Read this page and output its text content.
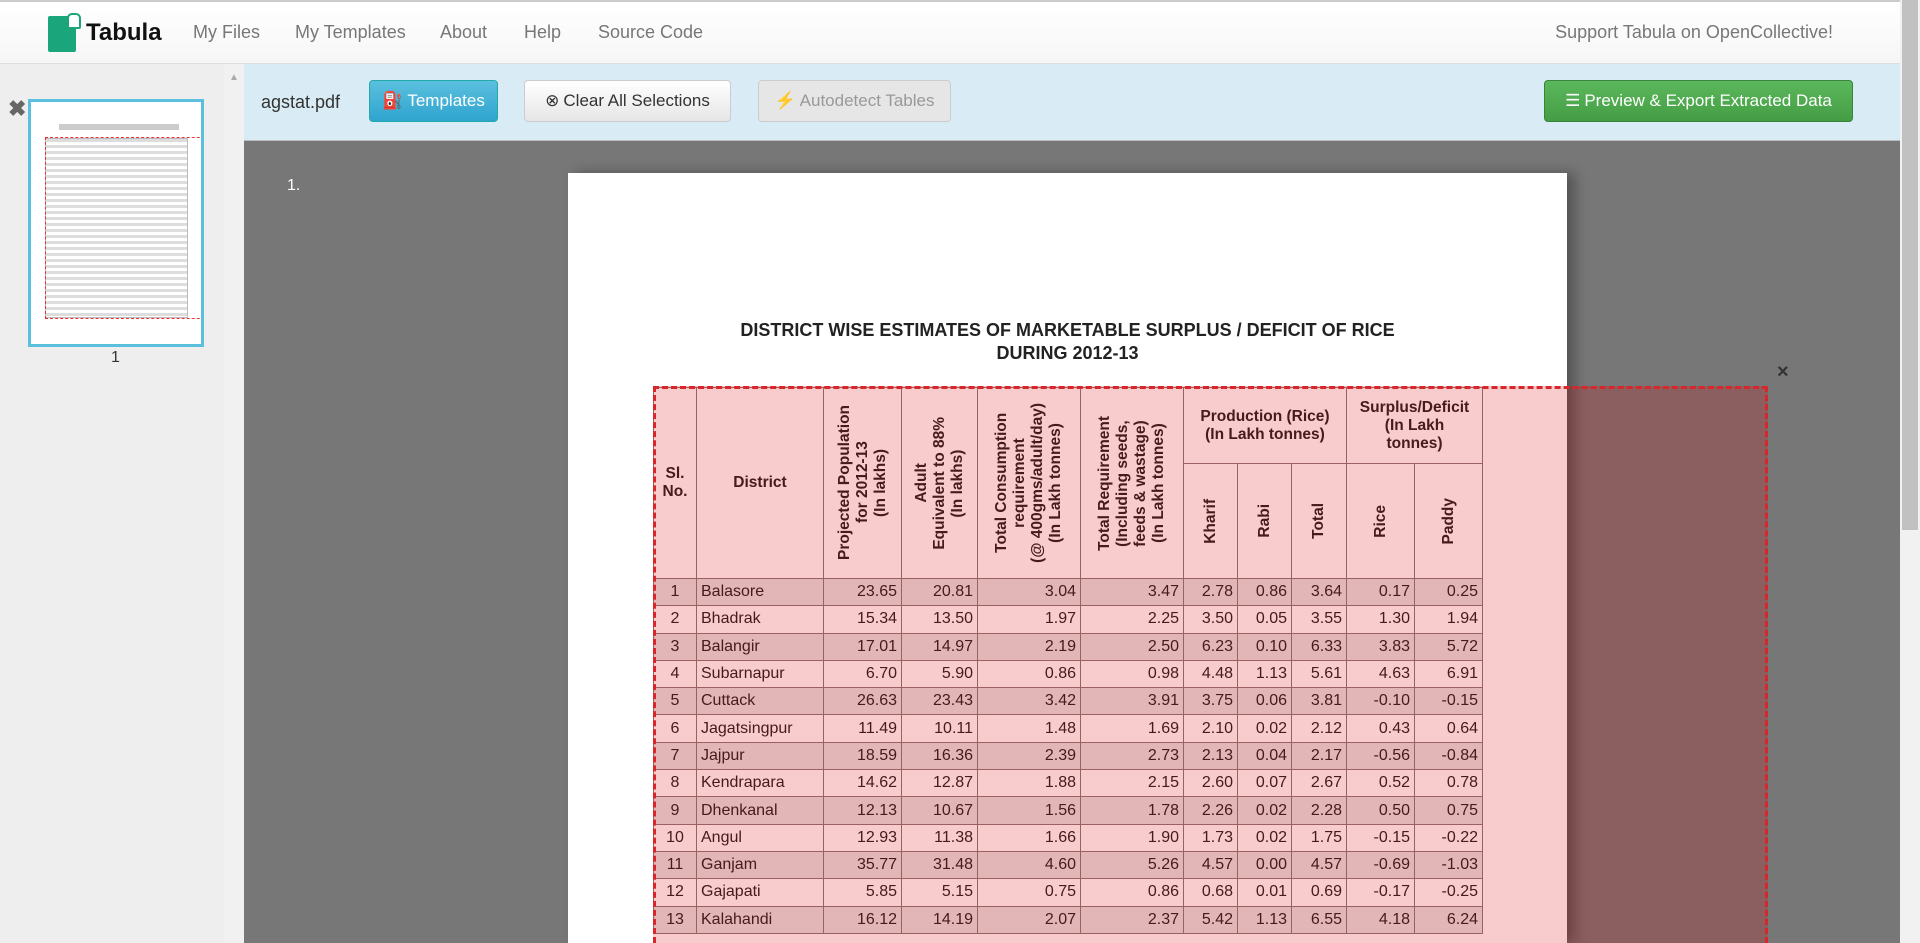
Tabula My Files My Templates About Help Source Code	Support Tabula on OpenCollective!
▲
✖
1
agstat.pdf ⛽ Templates	⊗ Clear All Selections	⚡ Autodetect Tables	☰ Preview & Export Extracted Data
1.
DISTRICT WISE ESTIMATES OF MARKETABLE SURPLUS / DEFICIT OF RICE
DURING 2012-13
Sl. No.	District	Projected Population
for 2012-13
(In lakhs)	Adult
Equivalent to 88%
(In lakhs)	Total Consumption
requirement
(@ 400gms/adult/day)
(In Lakh tonnes)	Total Requirement
(Including seeds,
feeds & wastage)
(In Lakh tonnes)	Production (Rice)
(In Lakh tonnes)			Surplus/Deficit
(In Lakh
tonnes)	

						Kharif	Rabi	Total	Rice	Paddy

1	Balasore	23.65	20.81	3.04	3.47	2.78	0.86	3.64	0.17	0.25
2	Bhadrak	15.34	13.50	1.97	2.25	3.50	0.05	3.55	1.30	1.94
3	Balangir	17.01	14.97	2.19	2.50	6.23	0.10	6.33	3.83	5.72
4	Subarnapur	6.70	5.90	0.86	0.98	4.48	1.13	5.61	4.63	6.91
5	Cuttack	26.63	23.43	3.42	3.91	3.75	0.06	3.81	-0.10	-0.15
6	Jagatsingpur	11.49	10.11	1.48	1.69	2.10	0.02	2.12	0.43	0.64
7	Jajpur	18.59	16.36	2.39	2.73	2.13	0.04	2.17	-0.56	-0.84
8	Kendrapara	14.62	12.87	1.88	2.15	2.60	0.07	2.67	0.52	0.78
9	Dhenkanal	12.13	10.67	1.56	1.78	2.26	0.02	2.28	0.50	0.75
10	Angul	12.93	11.38	1.66	1.90	1.73	0.02	1.75	-0.15	-0.22
11	Ganjam	35.77	31.48	4.60	5.26	4.57	0.00	4.57	-0.69	-1.03
12	Gajapati	5.85	5.15	0.75	0.86	0.68	0.01	0.69	-0.17	-0.25
13	Kalahandi	16.12	14.19	2.07	2.37	5.42	1.13	6.55	4.18	6.24
×
